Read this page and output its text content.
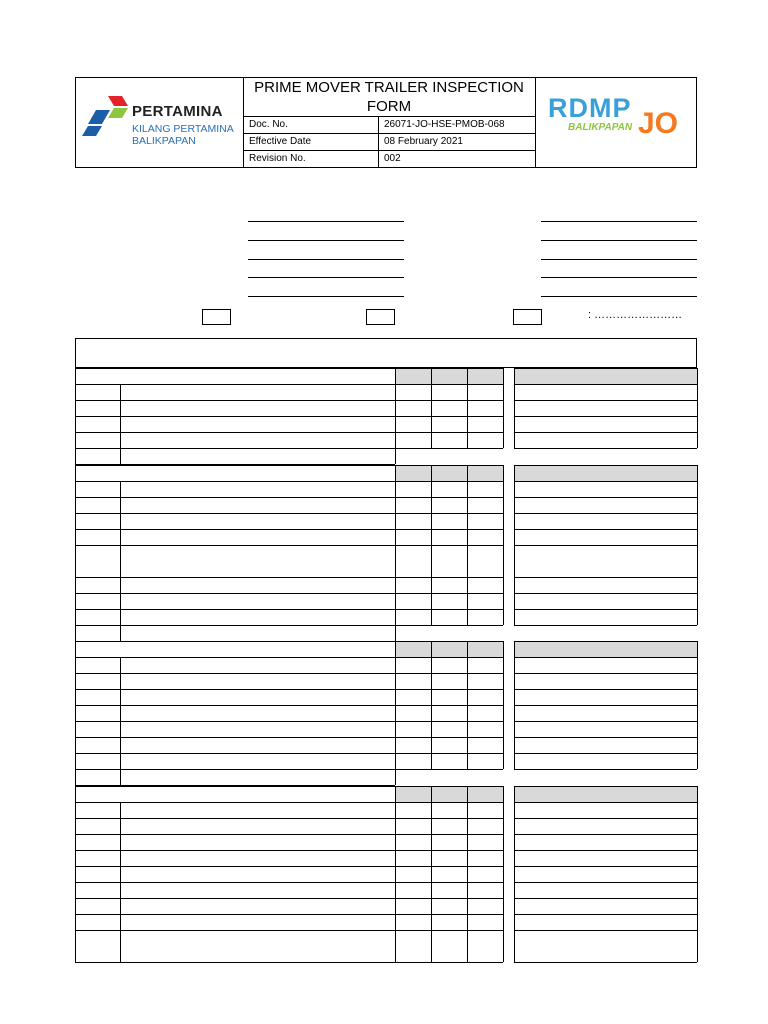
PRIME MOVER TRAILER INSPECTION FORM
Doc. No.	26071-JO-HSE-PMOB-068
Effective Date	08 February 2021
Revision No.	002
PERTAMINA
KILANG PERTAMINA
BALIKPAPAN
RDMP
BALIKPAPAN JO
: ……………………
